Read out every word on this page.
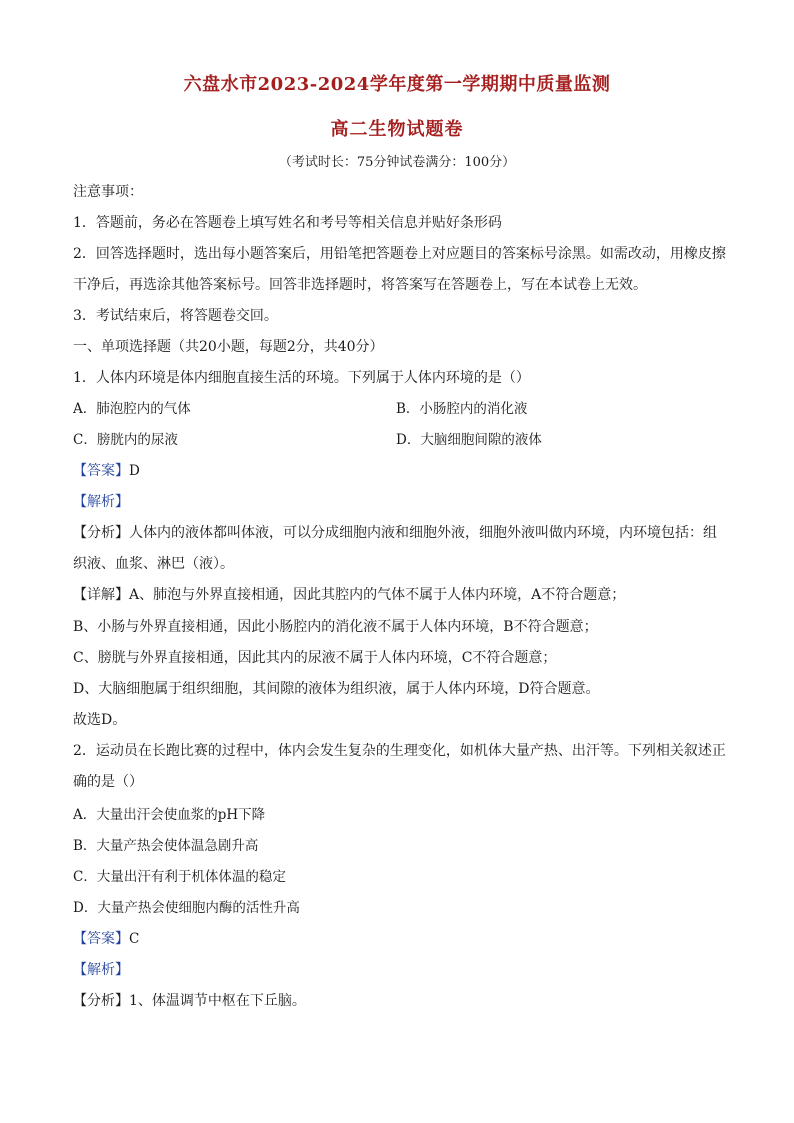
六盘水市2023-2024学年度第一学期期中质量监测
高二生物试题卷
（考试时长：75分钟试卷满分：100分）
注意事项：
1．答题前，务必在答题卷上填写姓名和考号等相关信息并贴好条形码
2．回答选择题时，选出每小题答案后，用铅笔把答题卷上对应题目的答案标号涂黑。如需改动，用橡皮擦
干净后，再选涂其他答案标号。回答非选择题时，将答案写在答题卷上，写在本试卷上无效。
3．考试结束后，将答题卷交回。
一、单项选择题（共20小题，每题2分，共40分）
1．人体内环境是体内细胞直接生活的环境。下列属于人体内环境的是（）
A．肺泡腔内的气体	B．小肠腔内的消化液
C．膀胱内的尿液	D．大脑细胞间隙的液体
【答案】D
【解析】
【分析】人体内的液体都叫体液，可以分成细胞内液和细胞外液，细胞外液叫做内环境，内环境包括：组
织液、血浆、淋巴（液）。
【详解】A、肺泡与外界直接相通，因此其腔内的气体不属于人体内环境，A不符合题意；
B、小肠与外界直接相通，因此小肠腔内的消化液不属于人体内环境，B不符合题意；
C、膀胱与外界直接相通，因此其内的尿液不属于人体内环境，C不符合题意；
D、大脑细胞属于组织细胞，其间隙的液体为组织液，属于人体内环境，D符合题意。
故选D。
2．运动员在长跑比赛的过程中，体内会发生复杂的生理变化，如机体大量产热、出汗等。下列相关叙述正
确的是（）
A．大量出汗会使血浆的pH下降
B．大量产热会使体温急剧升高
C．大量出汗有利于机体体温的稳定
D．大量产热会使细胞内酶的活性升高
【答案】C
【解析】
【分析】1、体温调节中枢在下丘脑。
